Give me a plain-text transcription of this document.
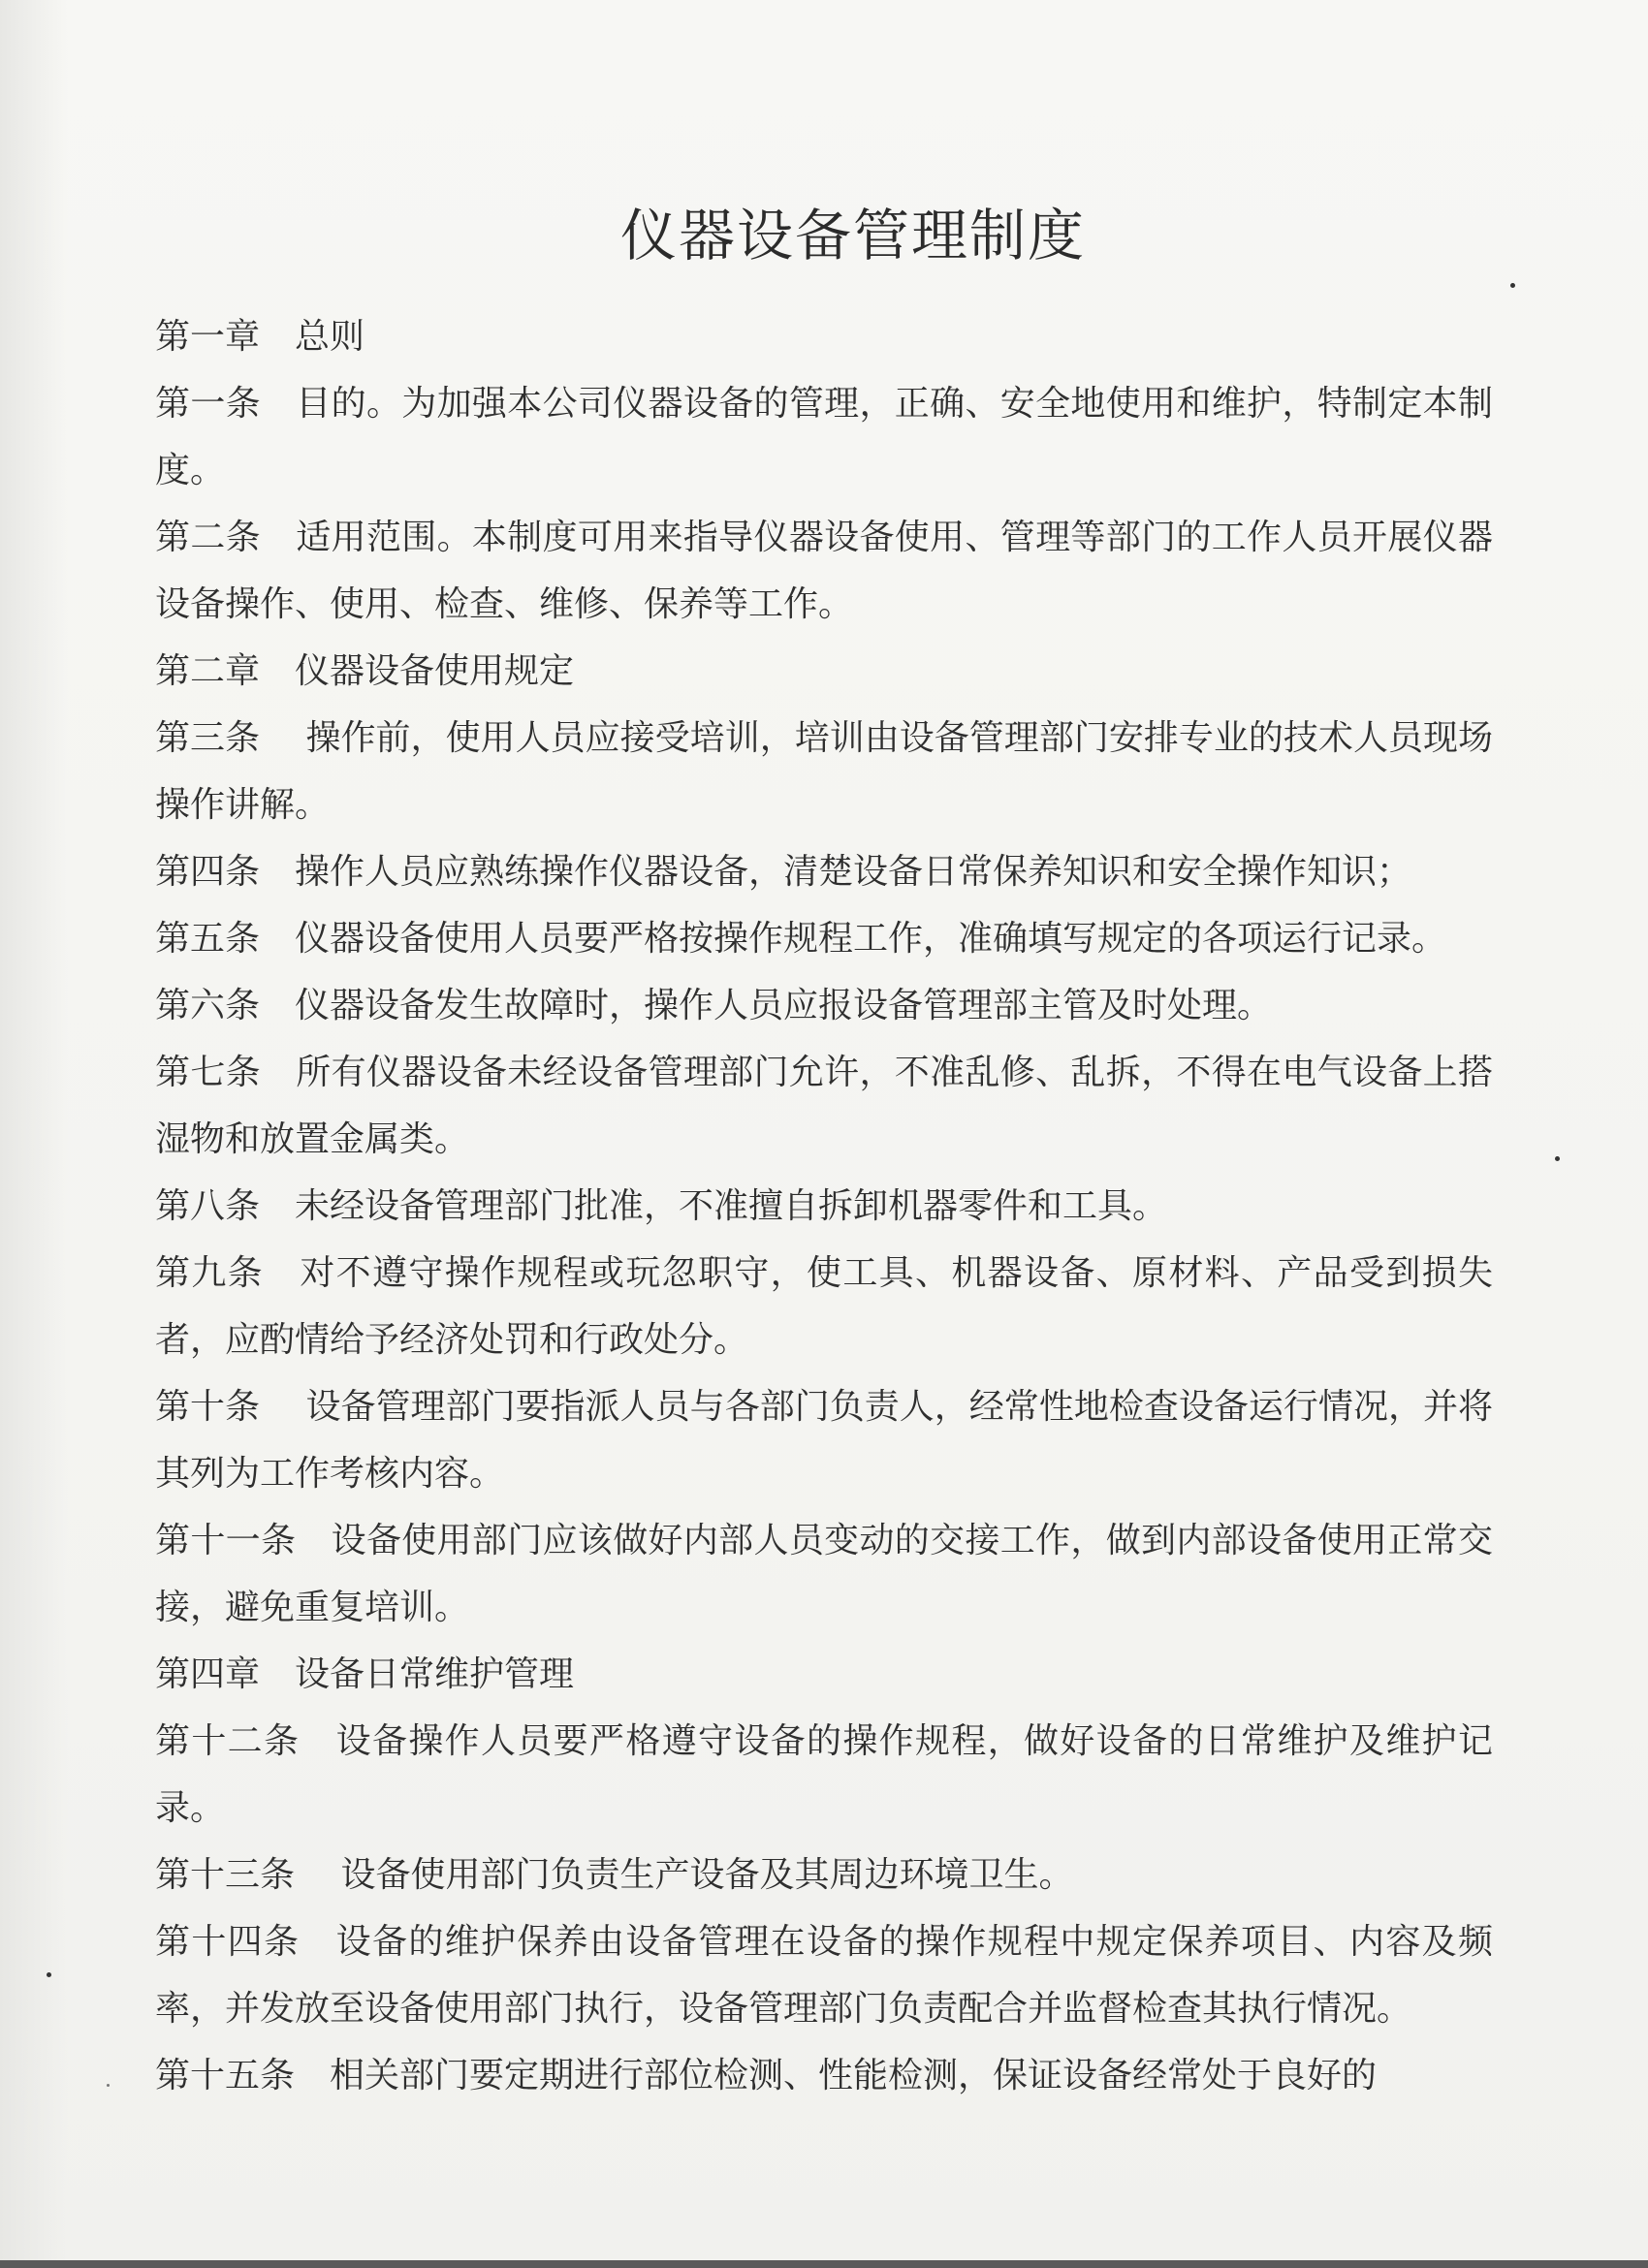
仪器设备管理制度

第一章　总则

第一条　目的。为加强本公司仪器设备的管理，正确、安全地使用和维护，特制定本制度。

第二条　适用范围。本制度可用来指导仪器设备使用、管理等部门的工作人员开展仪器设备操作、使用、检查、维修、保养等工作。

第二章　仪器设备使用规定

第三条　 操作前，使用人员应接受培训，培训由设备管理部门安排专业的技术人员现场操作讲解。

第四条　操作人员应熟练操作仪器设备，清楚设备日常保养知识和安全操作知识；

第五条　仪器设备使用人员要严格按操作规程工作，准确填写规定的各项运行记录。

第六条　仪器设备发生故障时，操作人员应报设备管理部主管及时处理。

第七条　所有仪器设备未经设备管理部门允许，不准乱修、乱拆，不得在电气设备上搭湿物和放置金属类。

第八条　未经设备管理部门批准，不准擅自拆卸机器零件和工具。

第九条　对不遵守操作规程或玩忽职守，使工具、机器设备、原材料、产品受到损失者，应酌情给予经济处罚和行政处分。

第十条　 设备管理部门要指派人员与各部门负责人，经常性地检查设备运行情况，并将其列为工作考核内容。

第十一条　设备使用部门应该做好内部人员变动的交接工作，做到内部设备使用正常交接，避免重复培训。

第四章　设备日常维护管理

第十二条　设备操作人员要严格遵守设备的操作规程，做好设备的日常维护及维护记录。

第十三条　 设备使用部门负责生产设备及其周边环境卫生。

第十四条　设备的维护保养由设备管理在设备的操作规程中规定保养项目、内容及频率，并发放至设备使用部门执行，设备管理部门负责配合并监督检查其执行情况。

第十五条　相关部门要定期进行部位检测、性能检测，保证设备经常处于良好的
